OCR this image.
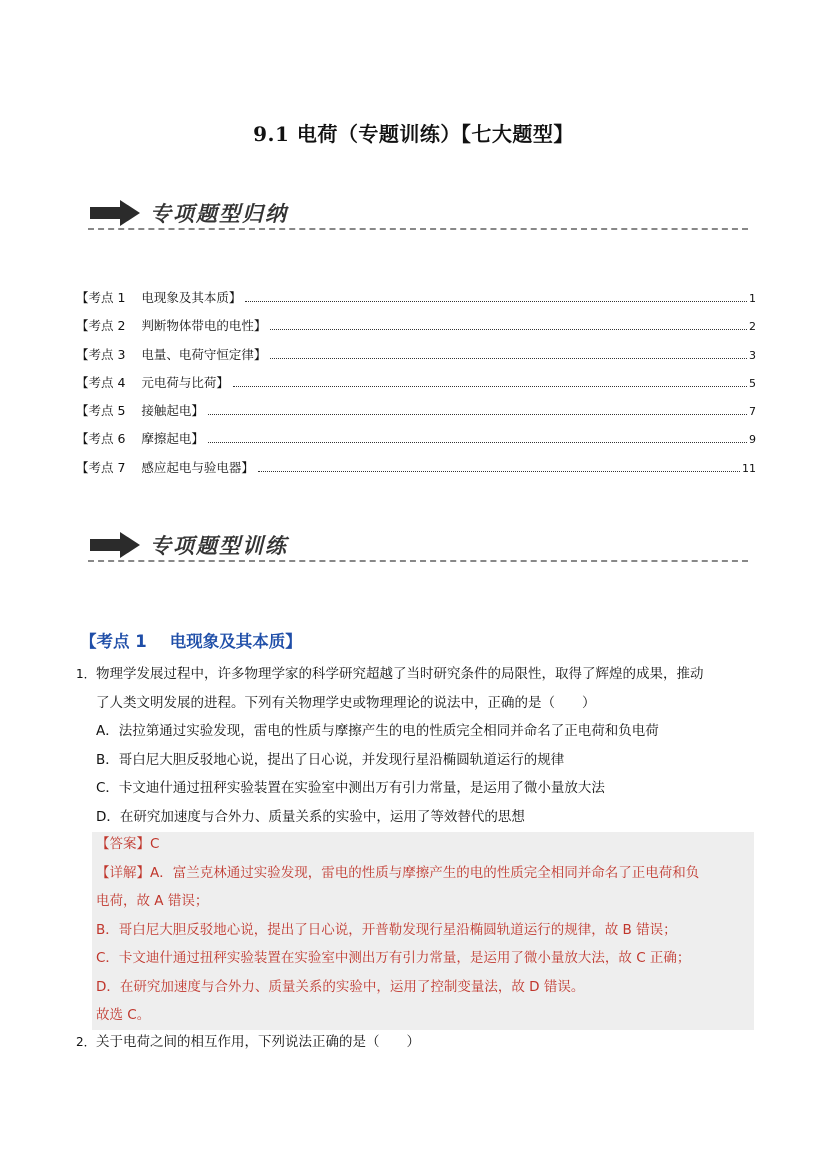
9.1 电荷（专题训练）【七大题型】
专项题型归纳
【考点 1    电现象及其本质】	1
【考点 2    判断物体带电的电性】	2
【考点 3    电量、电荷守恒定律】	3
【考点 4    元电荷与比荷】	5
【考点 5    接触起电】	7
【考点 6    摩擦起电】	9
【考点 7    感应起电与验电器】	11
专项题型训练
【考点 1    电现象及其本质】
1．物理学发展过程中，许多物理学家的科学研究超越了当时研究条件的局限性，取得了辉煌的成果，推动
了人类文明发展的进程。下列有关物理学史或物理理论的说法中，正确的是（　　）
A．法拉第通过实验发现，雷电的性质与摩擦产生的电的性质完全相同并命名了正电荷和负电荷
B．哥白尼大胆反驳地心说，提出了日心说，并发现行星沿椭圆轨道运行的规律
C．卡文迪什通过扭秤实验装置在实验室中测出万有引力常量，是运用了微小量放大法
D．在研究加速度与合外力、质量关系的实验中，运用了等效替代的思想
【答案】C
【详解】A．富兰克林通过实验发现，雷电的性质与摩擦产生的电的性质完全相同并命名了正电荷和负
电荷，故 A 错误；
B．哥白尼大胆反驳地心说，提出了日心说，开普勒发现行星沿椭圆轨道运行的规律，故 B 错误；
C．卡文迪什通过扭秤实验装置在实验室中测出万有引力常量，是运用了微小量放大法，故 C 正确；
D．在研究加速度与合外力、质量关系的实验中，运用了控制变量法，故 D 错误。
故选 C。
2．关于电荷之间的相互作用，下列说法正确的是（　　）
